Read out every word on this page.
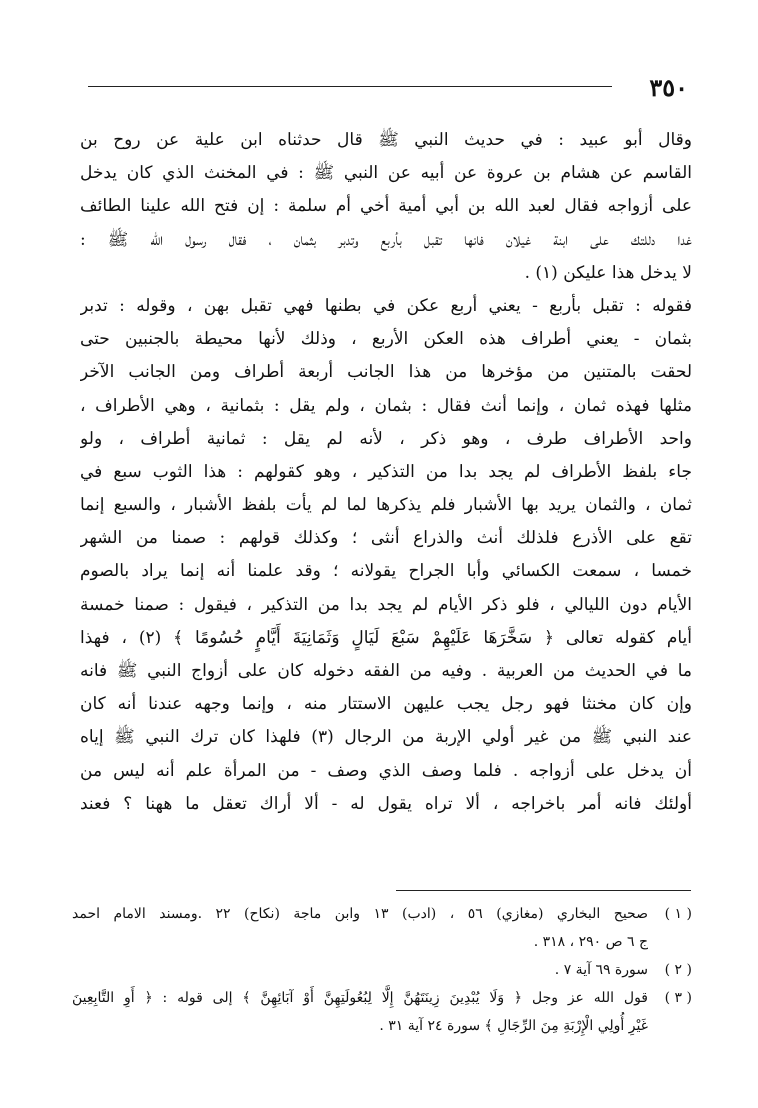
٣٥٠
وقال أبو عبيد : في حديث النبي ﷺ قال حدثناه ابن علية عن روح بن
القاسم عن هشام بن عروة عن أبيه عن النبي ﷺ : في المخنث الذي كان يدخل
على أزواجه فقال لعبد الله بن أبي أمية أخي أم سلمة : إن فتح الله علينا الطائف
غدا دللتك على ابنة غيلان فانها تقبل بأربع وتدبر بثمان ، فقال رسول الله ﷺ :
لا يدخل هذا عليكن (١) .
فقوله : تقبل بأربع - يعني أربع عكن في بطنها فهي تقبل بهن ، وقوله : تدبر
بثمان - يعني أطراف هذه العكن الأربع ، وذلك لأنها محيطة بالجنبين حتى
لحقت بالمتنين من مؤخرها من هذا الجانب أربعة أطراف ومن الجانب الآخر
مثلها فهذه ثمان ، وإنما أنث فقال : بثمان ، ولم يقل : بثمانية ، وهي الأطراف ،
واحد الأطراف طرف ، وهو ذكر ، لأنه لم يقل : ثمانية أطراف ، ولو
جاء بلفظ الأطراف لم يجد بدا من التذكير ، وهو كقولهم : هذا الثوب سبع في
ثمان ، والثمان يريد بها الأشبار فلم يذكرها لما لم يأت بلفظ الأشبار ، والسبع إنما
تقع على الأذرع فلذلك أنث والذراع أنثى ؛ وكذلك قولهم : صمنا من الشهر
خمسا ، سمعت الكسائي وأبا الجراح يقولانه ؛ وقد علمنا أنه إنما يراد بالصوم
الأيام دون الليالي ، فلو ذكر الأيام لم يجد بدا من التذكير ، فيقول : صمنا خمسة
أيام كقوله تعالى ﴿ سَخَّرَهَا عَلَيْهِمْ سَبْعَ لَيَالٍ وَثَمَانِيَةَ أَيَّامٍ حُسُومًا ﴾ (٢) ، فهذا
ما في الحديث من العربية . وفيه من الفقه دخوله كان على أزواج النبي ﷺ فانه
وإن كان مخنثا فهو رجل يجب عليهن الاستتار منه ، وإنما وجهه عندنا أنه كان
عند النبي ﷺ من غير أولي الإربة من الرجال (٣) فلهذا كان ترك النبي ﷺ إياه
أن يدخل على أزواجه . فلما وصف الذي وصف - من المرأة علم أنه ليس من
أولئك فانه أمر باخراجه ، ألا تراه يقول له - ألا أراك تعقل ما ههنا ؟ فعند
( ١ )
صحيح البخاري (مغازي) ٥٦ ، (ادب) ١٣ وابن ماجة (نكاح) ٢٢ .ومسند الامام احمد
ج ٦ ص ٢٩٠ ، ٣١٨ .
( ٢ )
سورة ٦٩ آية ٧ .
( ٣ )
قول الله عز وجل ﴿ وَلَا يُبْدِينَ زِينَتَهُنَّ إِلَّا لِبُعُولَتِهِنَّ أَوْ آبَائِهِنَّ ﴾ إلى قوله : ﴿ أَوِ التَّابِعِينَ
غَيْرِ أُولِي الْإِرْبَةِ مِنَ الرِّجَالِ ﴾ سورة ٢٤ آية ٣١ .
